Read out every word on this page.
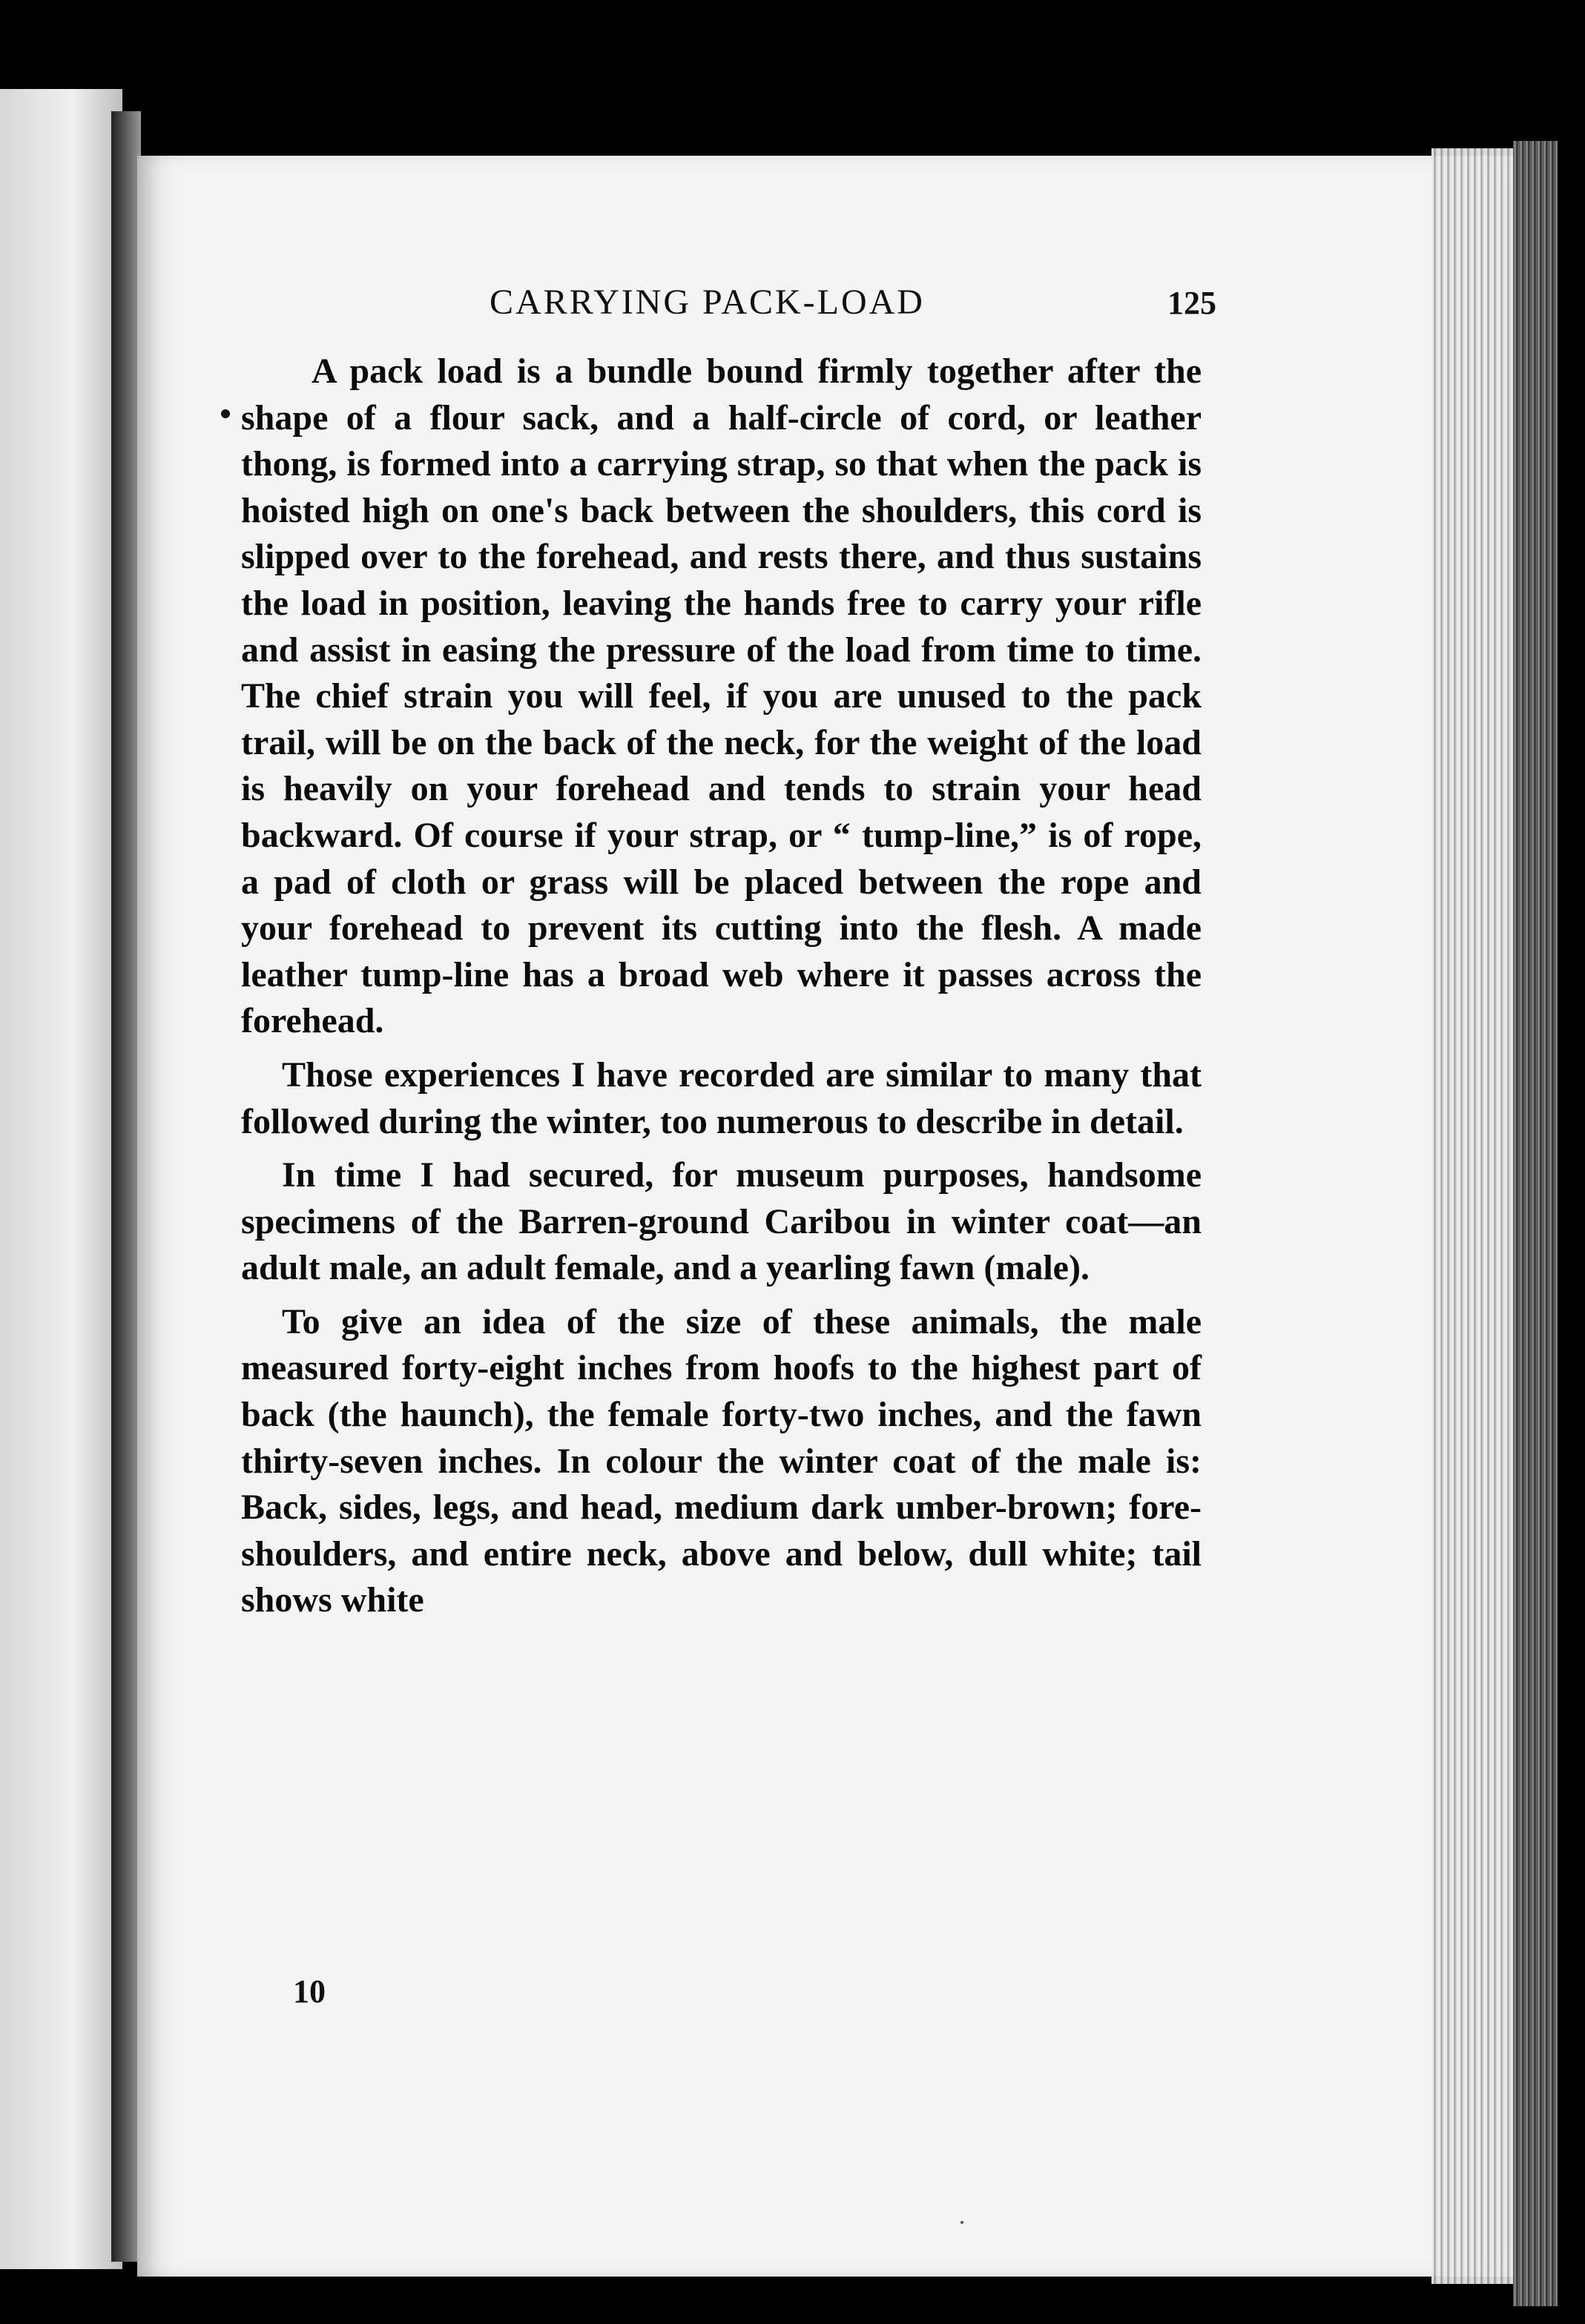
CARRYING PACK-LOAD	125

A pack load is a bundle bound firmly together after the shape of a flour sack, and a half-circle of cord, or leather thong, is formed into a carrying strap, so that when the pack is hoisted high on one's back between the shoulders, this cord is slipped over to the forehead, and rests there, and thus sustains the load in position, leaving the hands free to carry your rifle and assist in easing the pressure of the load from time to time. The chief strain you will feel, if you are unused to the pack trail, will be on the back of the neck, for the weight of the load is heavily on your forehead and tends to strain your head backward. Of course if your strap, or “ tump-line,” is of rope, a pad of cloth or grass will be placed between the rope and your forehead to prevent its cutting into the flesh. A made leather tump-line has a broad web where it passes across the forehead.

Those experiences I have recorded are similar to many that followed during the winter, too numerous to describe in detail.

In time I had secured, for museum purposes, handsome specimens of the Barren-ground Caribou in winter coat—an adult male, an adult female, and a yearling fawn (male).

To give an idea of the size of these animals, the male measured forty-eight inches from hoofs to the highest part of back (the haunch), the female forty-two inches, and the fawn thirty-seven inches. In colour the winter coat of the male is: Back, sides, legs, and head, medium dark umber-brown; fore-shoulders, and entire neck, above and below, dull white; tail shows white

10
